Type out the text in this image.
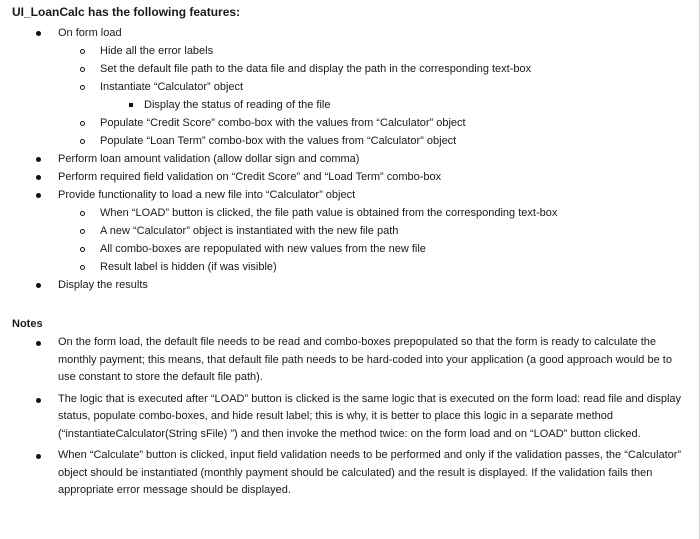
UI_LoanCalc has the following features:
On form load
Hide all the error labels
Set the default file path to the data file and display the path in the corresponding text-box
Instantiate “Calculator” object
Display the status of reading of the file
Populate “Credit Score” combo-box with the values from “Calculator” object
Populate “Loan Term” combo-box with the values from “Calculator” object
Perform loan amount validation (allow dollar sign and comma)
Perform required field validation on “Credit Score” and “Load Term” combo-box
Provide functionality to load a new file into “Calculator” object
When “LOAD” button is clicked, the file path value is obtained from the corresponding text-box
A new “Calculator” object is instantiated with the new file path
All combo-boxes are repopulated with new values from the new file
Result label is hidden (if was visible)
Display the results
Notes
On the form load, the default file needs to be read and combo-boxes prepopulated so that the form is ready to calculate the monthly payment; this means, that default file path needs to be hard-coded into your application (a good approach would be to use constant to store the default file path).
The logic that is executed after “LOAD” button is clicked is the same logic that is executed on the form load: read file and display status, populate combo-boxes, and hide result label; this is why, it is better to place this logic in a separate method (“instantiateCalculator(String sFile) ”) and then invoke the method twice: on the form load and on “LOAD” button clicked.
When “Calculate” button is clicked, input field validation needs to be performed and only if the validation passes, the “Calculator” object should be instantiated (monthly payment should be calculated) and the result is displayed. If the validation fails then appropriate error message should be displayed.
